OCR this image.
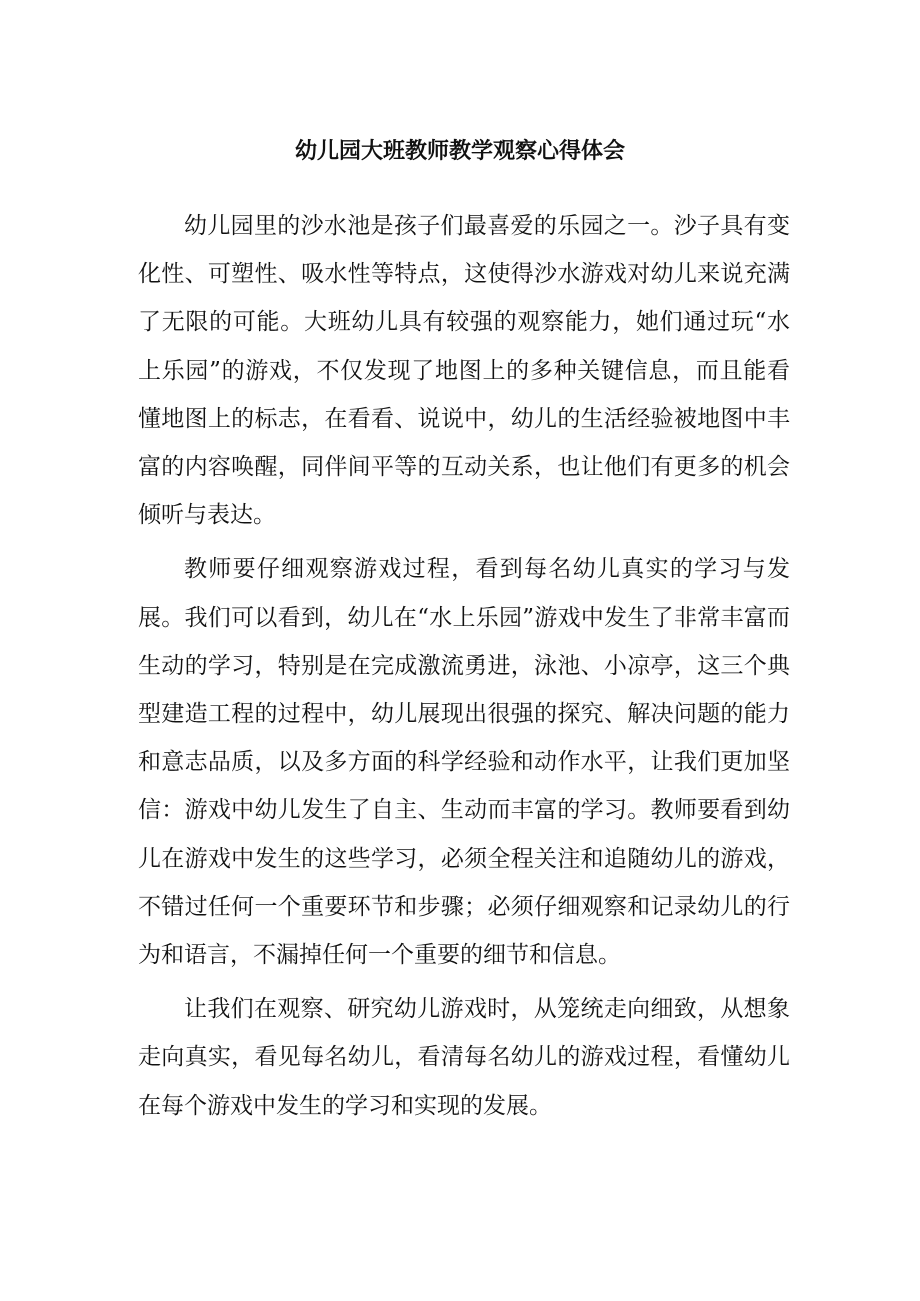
幼儿园大班教师教学观察心得体会

幼儿园里的沙水池是孩子们最喜爱的乐园之一。沙子具有变化性、可塑性、吸水性等特点，这使得沙水游戏对幼儿来说充满了无限的可能。大班幼儿具有较强的观察能力，她们通过玩“水上乐园”的游戏，不仅发现了地图上的多种关键信息，而且能看懂地图上的标志，在看看、说说中，幼儿的生活经验被地图中丰富的内容唤醒，同伴间平等的互动关系，也让他们有更多的机会倾听与表达。

教师要仔细观察游戏过程，看到每名幼儿真实的学习与发展。我们可以看到，幼儿在“水上乐园”游戏中发生了非常丰富而生动的学习，特别是在完成激流勇进，泳池、小凉亭，这三个典型建造工程的过程中，幼儿展现出很强的探究、解决问题的能力和意志品质，以及多方面的科学经验和动作水平，让我们更加坚信：游戏中幼儿发生了自主、生动而丰富的学习。教师要看到幼儿在游戏中发生的这些学习，必须全程关注和追随幼儿的游戏，不错过任何一个重要环节和步骤；必须仔细观察和记录幼儿的行为和语言，不漏掉任何一个重要的细节和信息。

让我们在观察、研究幼儿游戏时，从笼统走向细致，从想象走向真实，看见每名幼儿，看清每名幼儿的游戏过程，看懂幼儿在每个游戏中发生的学习和实现的发展。
